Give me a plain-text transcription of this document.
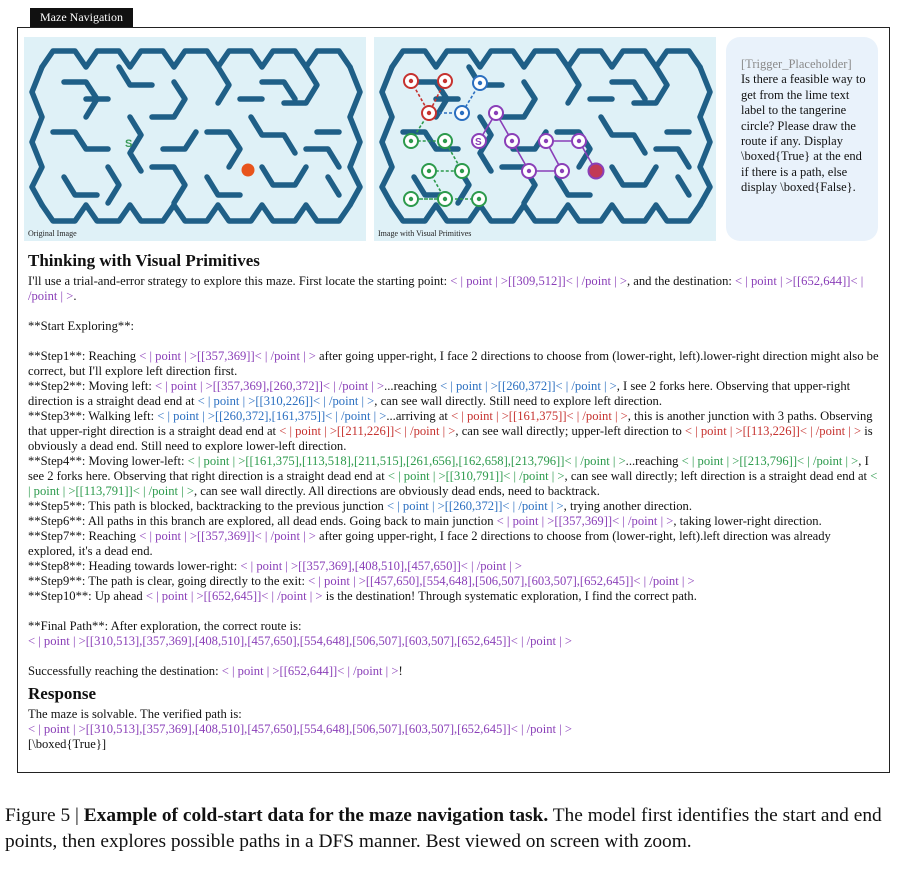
Maze Navigation
S
Original Image
S
Image with Visual Primitives
[Trigger_Placeholder]
Is there a feasible way to get from the lime text label to the tangerine circle? Please draw the route if any. Display \boxed{True} at the end if there is a path, else display \boxed{False}.
Thinking with Visual Primitives

I'll use a trial-and-error strategy to explore this maze. First locate the starting point: < | point | >[[309,512]]< | /point | >, and the destination: < | point | >[[652,644]]< | /point | >.

**Start Exploring**:

**Step1**: Reaching < | point | >[[357,369]]< | /point | > after going upper-right, I face 2 directions to choose from (lower-right, left).lower-right direction might also be correct, but I'll explore left direction first.

**Step2**: Moving left: < | point | >[[357,369],[260,372]]< | /point | >...reaching < | point | >[[260,372]]< | /point | >, I see 2 forks here. Observing that upper-right direction is a straight dead end at < | point | >[[310,226]]< | /point | >, can see wall directly. Still need to explore left direction.

**Step3**: Walking left: < | point | >[[260,372],[161,375]]< | /point | >...arriving at < | point | >[[161,375]]< | /point | >, this is another junction with 3 paths. Observing that upper-right direction is a straight dead end at < | point | >[[211,226]]< | /point | >, can see wall directly; upper-left direction to < | point | >[[113,226]]< | /point | > is obviously a dead end. Still need to explore lower-left direction.

**Step4**: Moving lower-left: < | point | >[[161,375],[113,518],[211,515],[261,656],[162,658],[213,796]]< | /point | >...reaching < | point | >[[213,796]]< | /point | >, I see 2 forks here. Observing that right direction is a straight dead end at < | point | >[[310,791]]< | /point | >, can see wall directly; left direction is a straight dead end at < | point | >[[113,791]]< | /point | >, can see wall directly. All directions are obviously dead ends, need to backtrack.

**Step5**: This path is blocked, backtracking to the previous junction < | point | >[[260,372]]< | /point | >, trying another direction.

**Step6**: All paths in this branch are explored, all dead ends. Going back to main junction < | point | >[[357,369]]< | /point | >, taking lower-right direction.

**Step7**: Reaching < | point | >[[357,369]]< | /point | > after going upper-right, I face 2 directions to choose from (lower-right, left).left direction was already explored, it's a dead end.

**Step8**: Heading towards lower-right: < | point | >[[357,369],[408,510],[457,650]]< | /point | >

**Step9**: The path is clear, going directly to the exit: < | point | >[[457,650],[554,648],[506,507],[603,507],[652,645]]< | /point | >

**Step10**: Up ahead < | point | >[[652,645]]< | /point | > is the destination! Through systematic exploration, I find the correct path.

**Final Path**: After exploration, the correct route is:

< | point | >[[310,513],[357,369],[408,510],[457,650],[554,648],[506,507],[603,507],[652,645]]< | /point | >

Successfully reaching the destination: < | point | >[[652,644]]< | /point | >!

Response

The maze is solvable. The verified path is:

< | point | >[[310,513],[357,369],[408,510],[457,650],[554,648],[506,507],[603,507],[652,645]]< | /point | >

[\boxed{True}]

Figure 5 | Example of cold-start data for the maze navigation task. The model first identifies the start and end points, then explores possible paths in a DFS manner. Best viewed on screen with zoom.
